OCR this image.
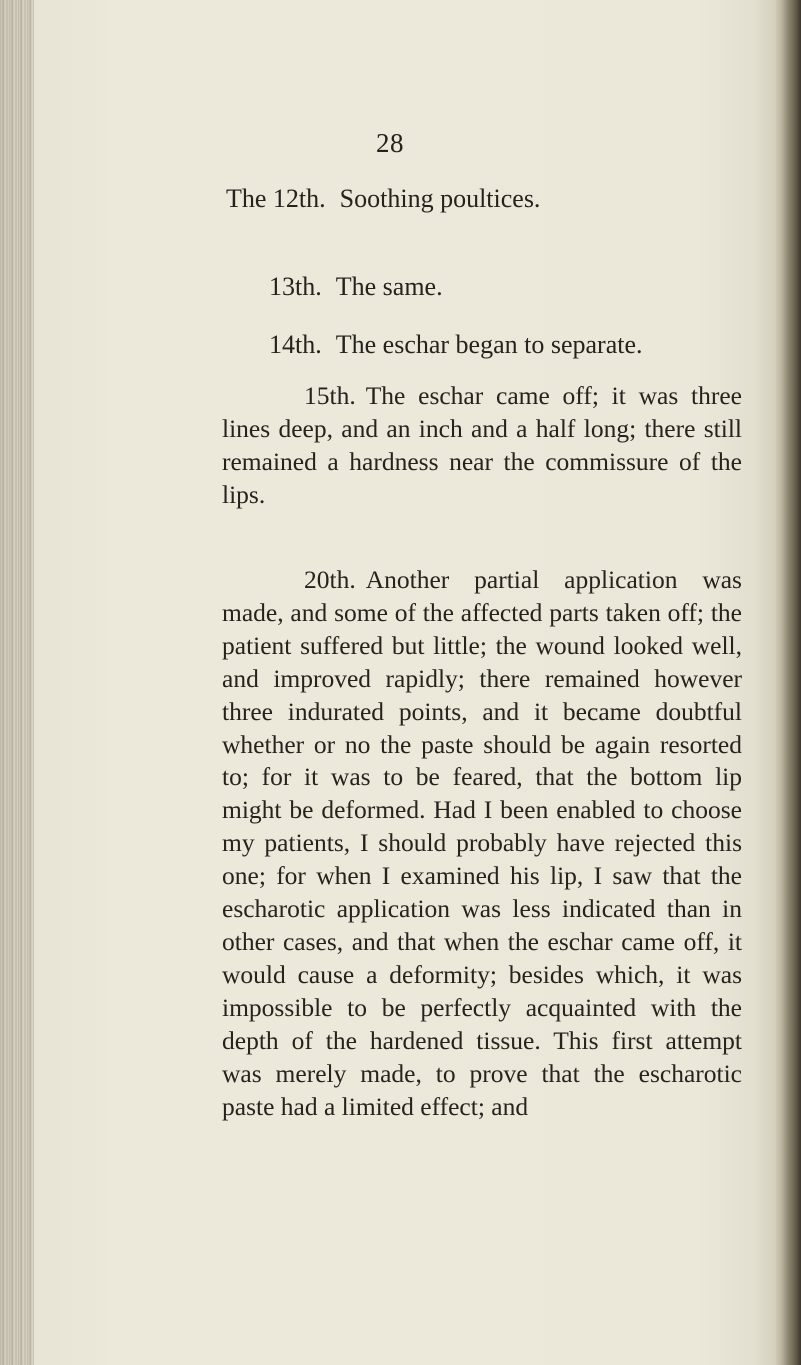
28
The 12th. Soothing poultices.
13th. The same.
14th. The eschar began to separate.

15th. The eschar came off; it was three lines deep, and an inch and a half long; there still remained a hardness near the commissure of the lips.

20th. Another partial application was made, and some of the affected parts taken off; the patient suffered but little; the wound looked well, and improved rapidly; there remained however three indurated points, and it became doubtful whether or no the paste should be again resorted to; for it was to be feared, that the bottom lip might be deformed. Had I been enabled to choose my patients, I should probably have rejected this one; for when I examined his lip, I saw that the escharotic application was less indicated than in other cases, and that when the eschar came off, it would cause a deformity; besides which, it was impossible to be perfectly acquainted with the depth of the hardened tissue. This first attempt was merely made, to prove that the escharotic paste had a limited effect; and
